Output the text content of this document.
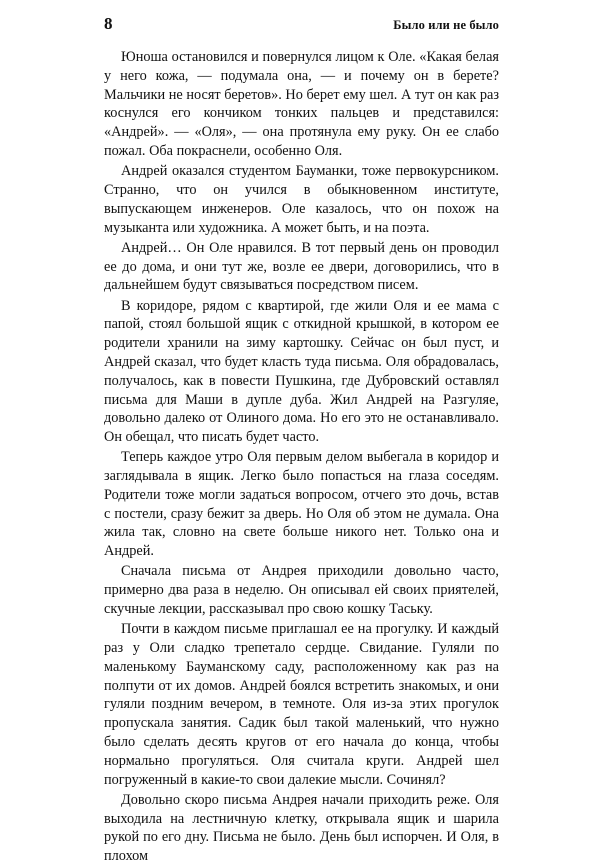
8	Было или не было

Юноша остановился и повернулся лицом к Оле. «Какая белая у него кожа, — подумала она, — и почему он в берете? Мальчики не носят беретов». Но берет ему шел. А тут он как раз коснулся его кончиком тонких пальцев и представился: «Андрей». — «Оля», — она протянула ему руку. Он ее слабо пожал. Оба покраснели, особенно Оля.

Андрей оказался студентом Бауманки, тоже первокурсником. Странно, что он учился в обыкновенном институте, выпускающем инженеров. Оле казалось, что он похож на музыканта или художника. А может быть, и на поэта.

Андрей… Он Оле нравился. В тот первый день он проводил ее до дома, и они тут же, возле ее двери, договорились, что в дальнейшем будут связываться посредством писем.

В коридоре, рядом с квартирой, где жили Оля и ее мама с папой, стоял большой ящик с откидной крышкой, в котором ее родители хранили на зиму картошку. Сейчас он был пуст, и Андрей сказал, что будет класть туда письма. Оля обрадовалась, получалось, как в повести Пушкина, где Дубровский оставлял письма для Маши в дупле дуба. Жил Андрей на Разгуляе, довольно далеко от Олиного дома. Но его это не останавливало. Он обещал, что писать будет часто.

Теперь каждое утро Оля первым делом выбегала в коридор и заглядывала в ящик. Легко было попасться на глаза соседям. Родители тоже могли задаться вопросом, отчего это дочь, встав с постели, сразу бежит за дверь. Но Оля об этом не думала. Она жила так, словно на свете больше никого нет. Только она и Андрей.

Сначала письма от Андрея приходили довольно часто, примерно два раза в неделю. Он описывал ей своих приятелей, скучные лекции, рассказывал про свою кошку Таську.

Почти в каждом письме приглашал ее на прогулку. И каждый раз у Оли сладко трепетало сердце. Свидание. Гуляли по маленькому Бауманскому саду, расположенному как раз на полпути от их домов. Андрей боялся встретить знакомых, и они гуляли поздним вечером, в темноте. Оля из-за этих прогулок пропускала занятия. Садик был такой маленький, что нужно было сделать десять кругов от его начала до конца, чтобы нормально прогуляться. Оля считала круги. Андрей шел погруженный в какие-то свои далекие мысли. Сочинял?

Довольно скоро письма Андрея начали приходить реже. Оля выходила на лестничную клетку, открывала ящик и шарила рукой по его дну. Письма не было. День был испорчен. И Оля, в плохом
